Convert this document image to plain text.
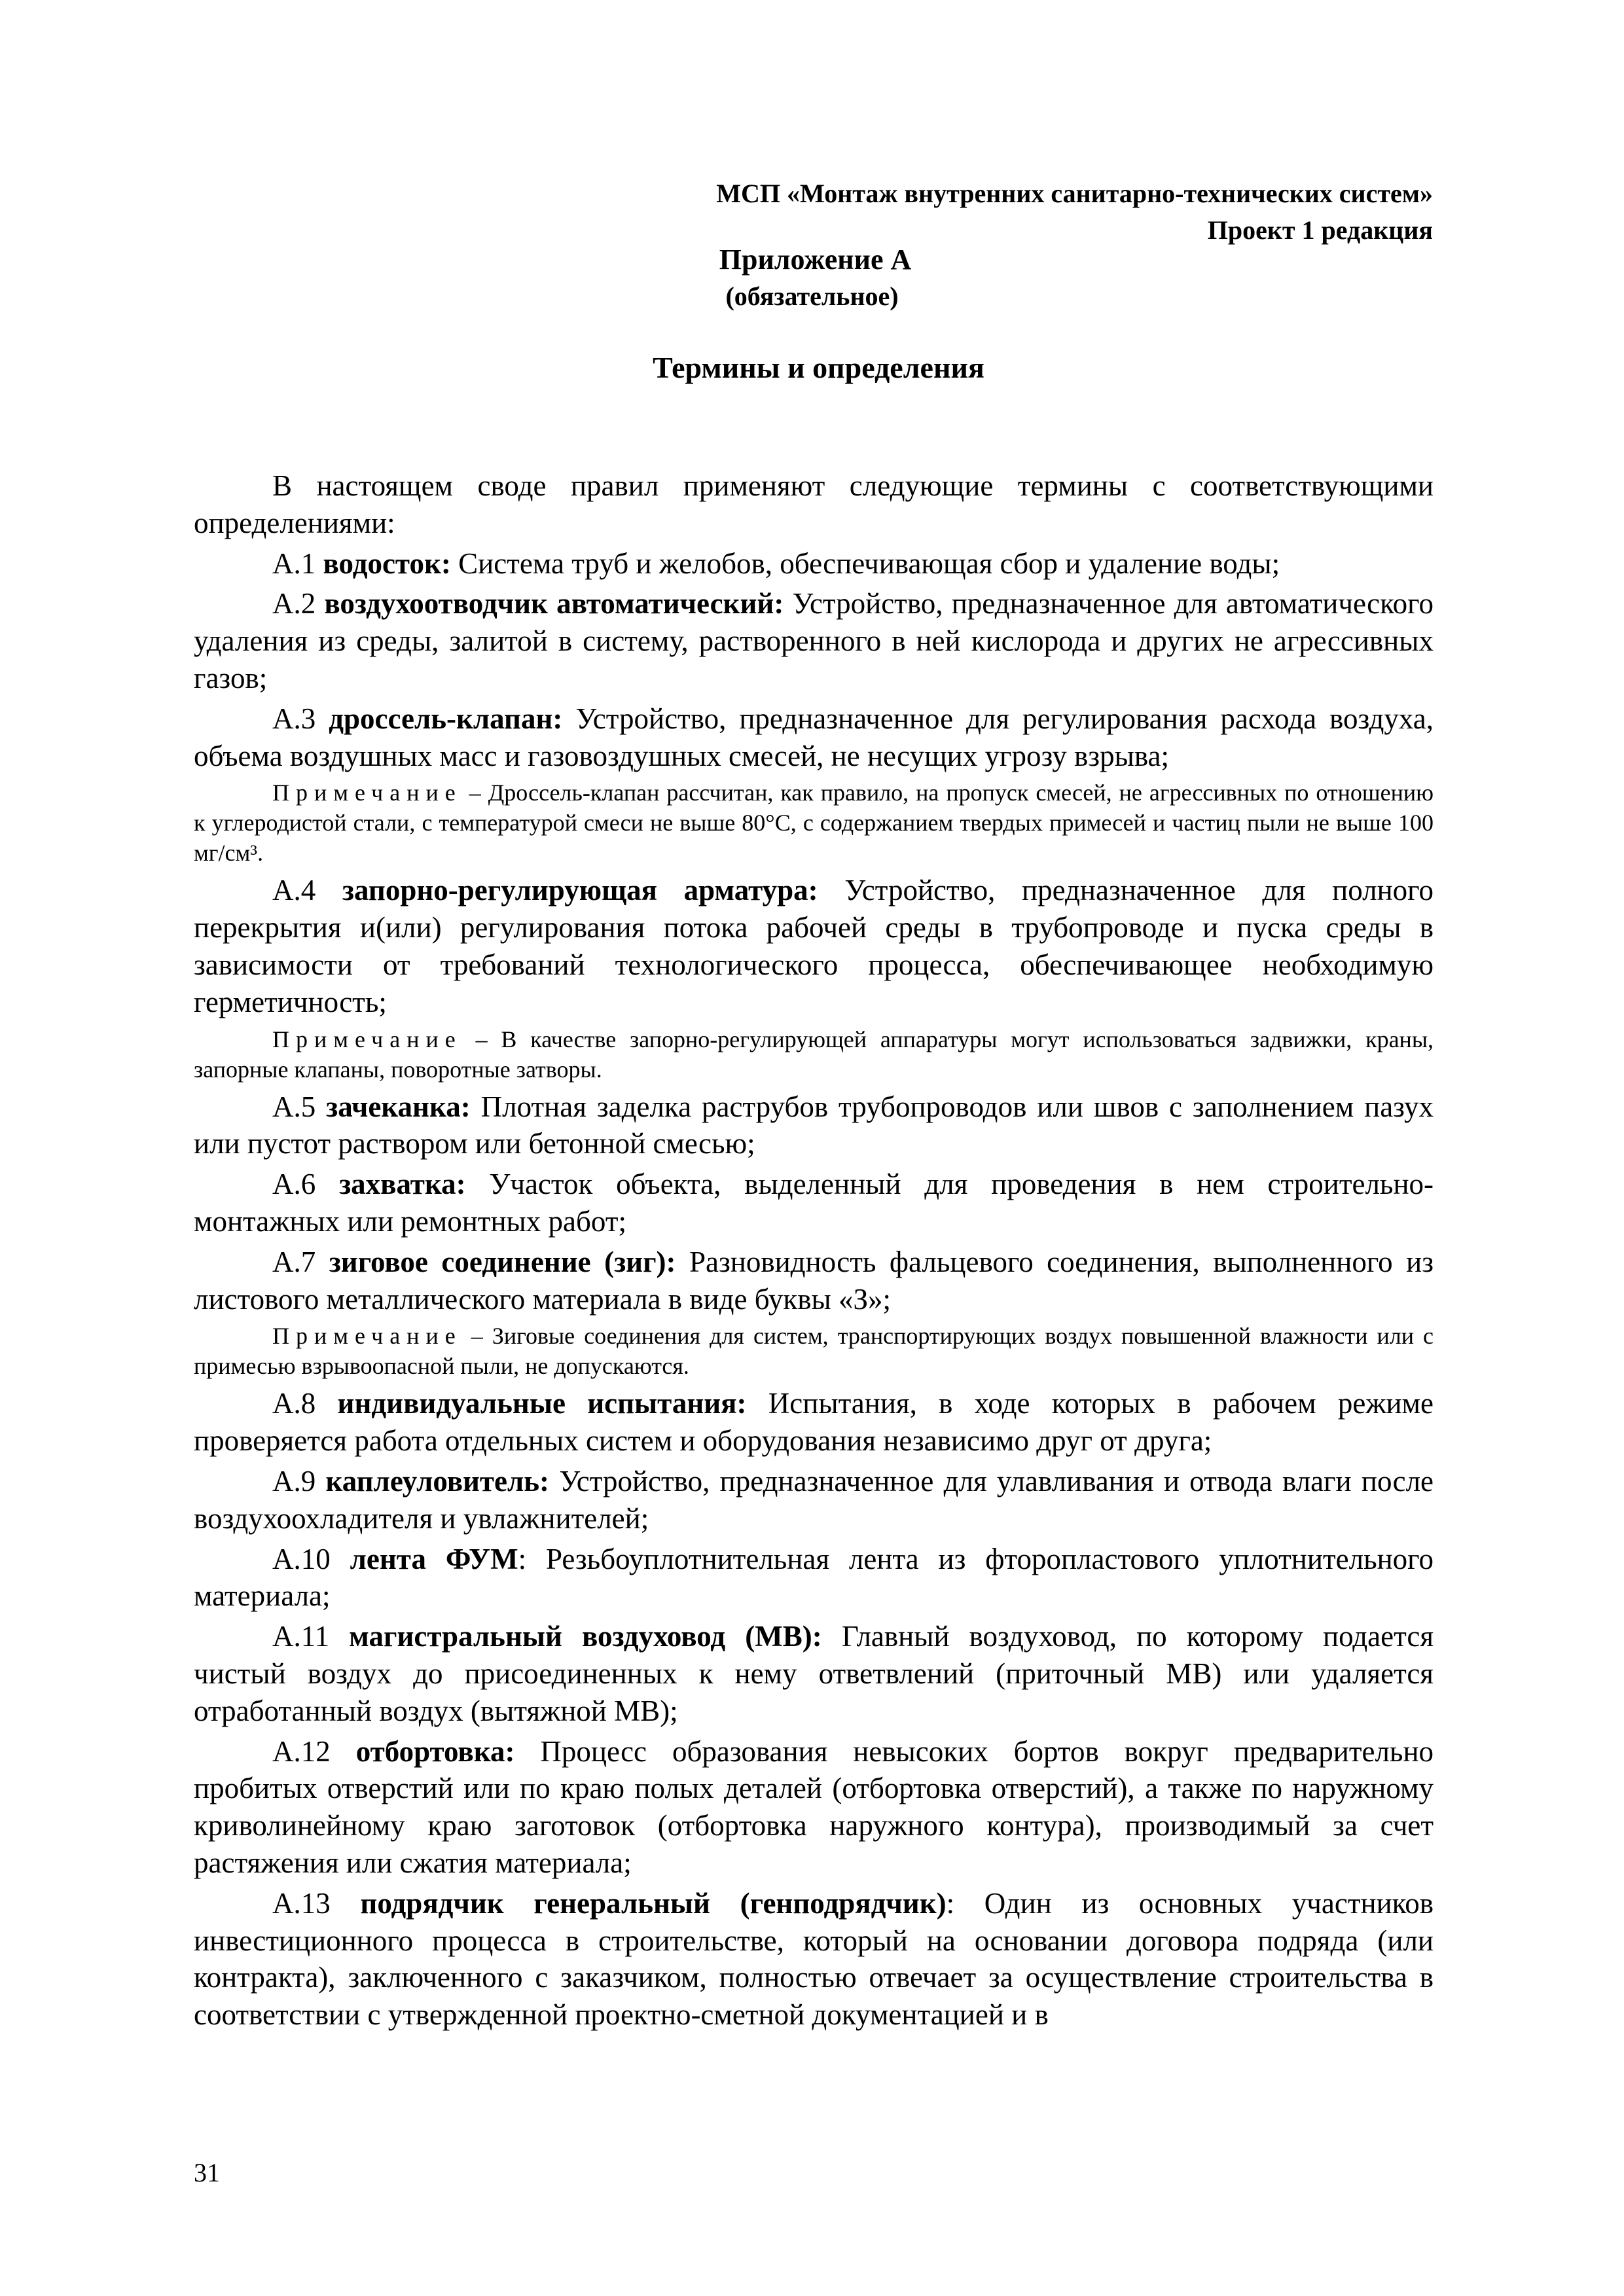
МСП «Монтаж внутренних санитарно-технических систем»
Проект 1 редакция
Приложение А
(обязательное)
Термины и определения

В настоящем своде правил применяют следующие термины с соответствующими определениями:

А.1 водосток: Система труб и желобов, обеспечивающая сбор и удаление воды;

А.2 воздухоотводчик автоматический: Устройство, предназначенное для автоматического удаления из среды, залитой в систему, растворенного в ней кислорода и других не агрессивных газов;

А.3 дроссель-клапан: Устройство, предназначенное для регулирования расхода воздуха, объема воздушных масс и газовоздушных смесей, не несущих угрозу взрыва;

Примечание – Дроссель-клапан рассчитан, как правило, на пропуск смесей, не агрессивных по отношению к углеродистой стали, с температурой смеси не выше 80°С, с содержанием твердых примесей и частиц пыли не выше 100 мг/см³.

А.4 запорно-регулирующая арматура: Устройство, предназначенное для полного перекрытия и(или) регулирования потока рабочей среды в трубопроводе и пуска среды в зависимости от требований технологического процесса, обеспечивающее необходимую герметичность;

Примечание – В качестве запорно-регулирующей аппаратуры могут использоваться задвижки, краны, запорные клапаны, поворотные затворы.

А.5 зачеканка: Плотная заделка раструбов трубопроводов или швов с заполнением пазух или пустот раствором или бетонной смесью;

А.6 захватка: Участок объекта, выделенный для проведения в нем строительно-монтажных или ремонтных работ;

А.7 зиговое соединение (зиг): Разновидность фальцевого соединения, выполненного из листового металлического материала в виде буквы «З»;

Примечание – Зиговые соединения для систем, транспортирующих воздух повышенной влажности или с примесью взрывоопасной пыли, не допускаются.

А.8 индивидуальные испытания: Испытания, в ходе которых в рабочем режиме проверяется работа отдельных систем и оборудования независимо друг от друга;

А.9 каплеуловитель: Устройство, предназначенное для улавливания и отвода влаги после воздухоохладителя и увлажнителей;

А.10 лента ФУМ: Резьбоуплотнительная лента из фторопластового уплотнительного материала;

А.11 магистральный воздуховод (МВ): Главный воздуховод, по которому подается чистый воздух до присоединенных к нему ответвлений (приточный МВ) или удаляется отработанный воздух (вытяжной МВ);

А.12 отбортовка: Процесс образования невысоких бортов вокруг предварительно пробитых отверстий или по краю полых деталей (отбортовка отверстий), а также по наружному криволинейному краю заготовок (отбортовка наружного контура), производимый за счет растяжения или сжатия материала;

А.13 подрядчик генеральный (генподрядчик): Один из основных участников инвестиционного процесса в строительстве, который на основании договора подряда (или контракта), заключенного с заказчиком, полностью отвечает за осуществление строительства в соответствии с утвержденной проектно-сметной документацией и в

31
